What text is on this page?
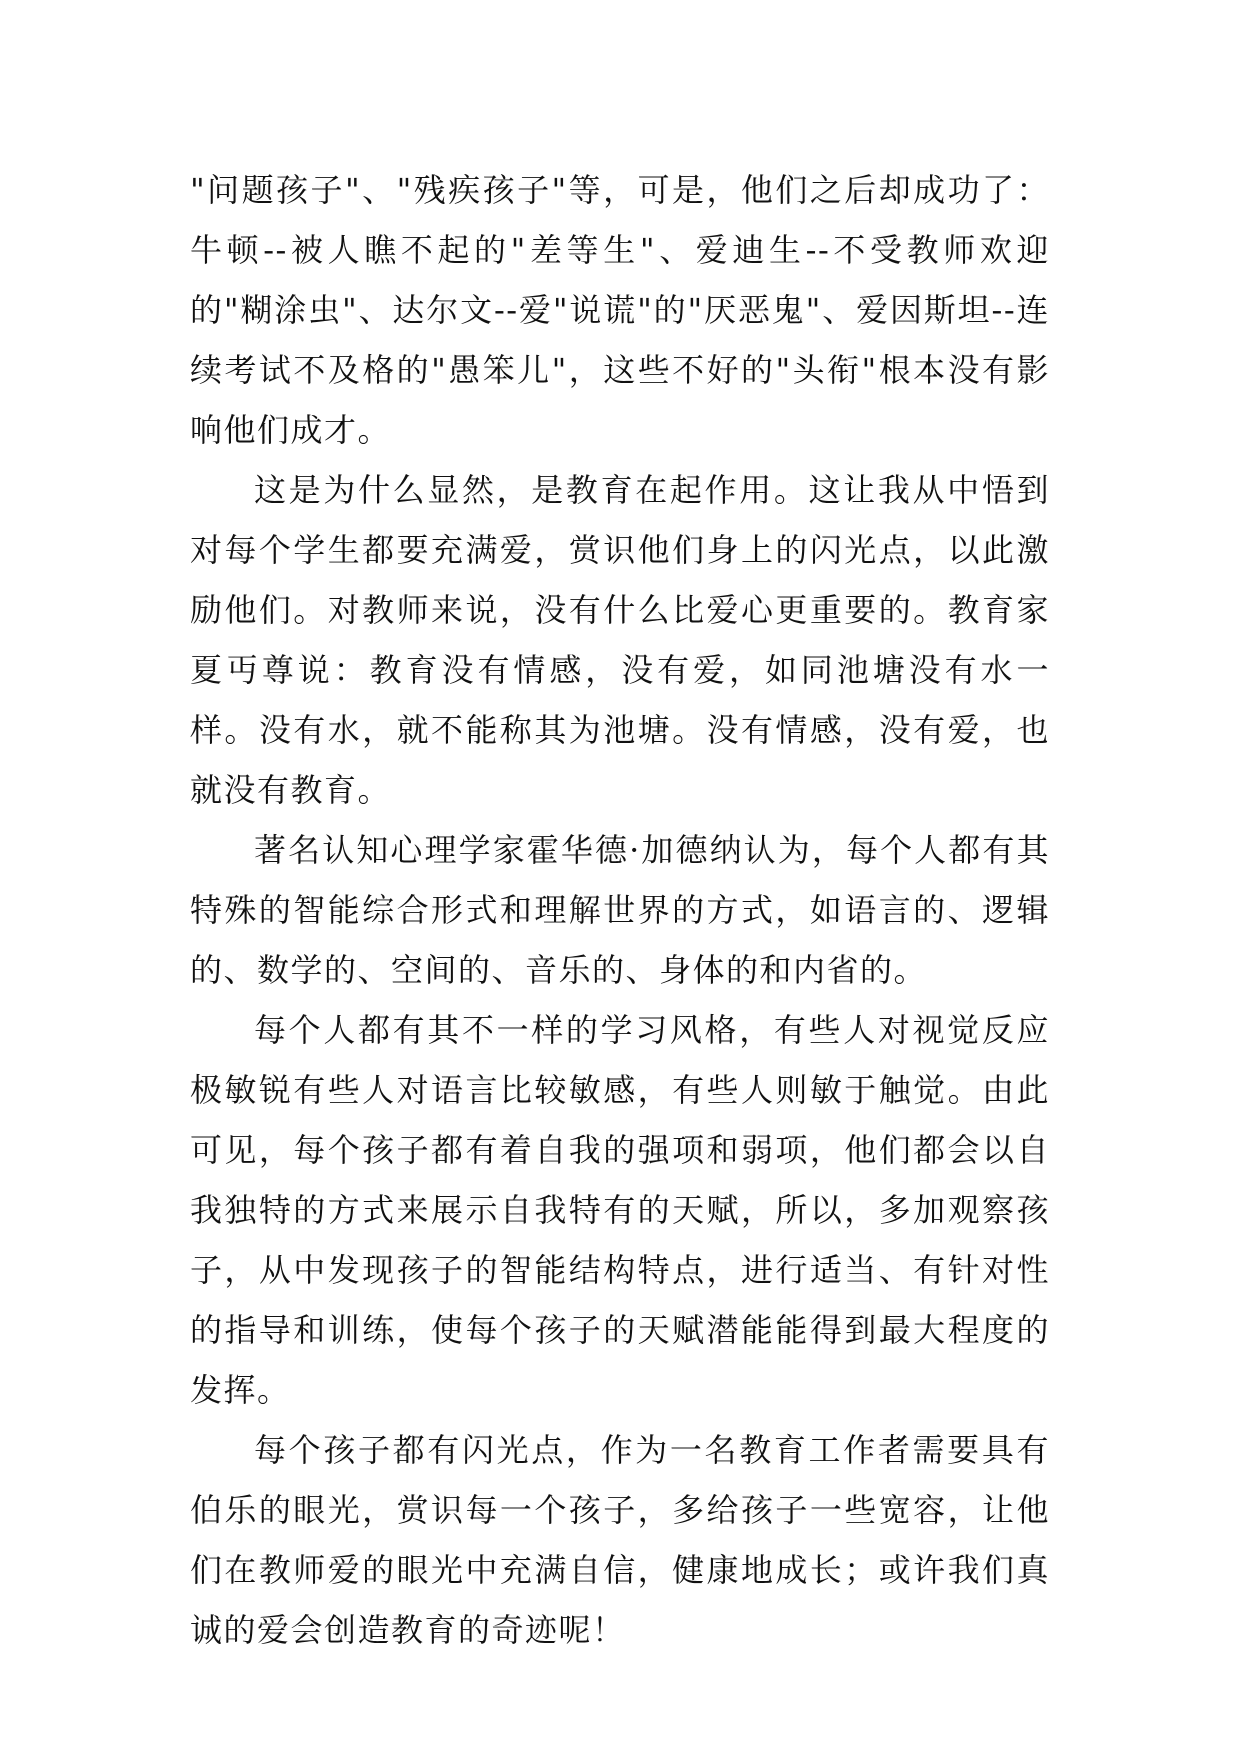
"问题孩子"、"残疾孩子"等，可是，他们之后却成功了：牛顿--被人瞧不起的"差等生"、爱迪生--不受教师欢迎的"糊涂虫"、达尔文--爱"说谎"的"厌恶鬼"、爱因斯坦--连续考试不及格的"愚笨儿"，这些不好的"头衔"根本没有影响他们成才。

这是为什么显然，是教育在起作用。这让我从中悟到对每个学生都要充满爱，赏识他们身上的闪光点，以此激励他们。对教师来说，没有什么比爱心更重要的。教育家夏丏尊说：教育没有情感，没有爱，如同池塘没有水一样。没有水，就不能称其为池塘。没有情感，没有爱，也就没有教育。

著名认知心理学家霍华德·加德纳认为，每个人都有其特殊的智能综合形式和理解世界的方式，如语言的、逻辑的、数学的、空间的、音乐的、身体的和内省的。

每个人都有其不一样的学习风格，有些人对视觉反应极敏锐有些人对语言比较敏感，有些人则敏于触觉。由此可见，每个孩子都有着自我的强项和弱项，他们都会以自我独特的方式来展示自我特有的天赋，所以，多加观察孩子，从中发现孩子的智能结构特点，进行适当、有针对性的指导和训练，使每个孩子的天赋潜能能得到最大程度的发挥。

每个孩子都有闪光点，作为一名教育工作者需要具有伯乐的眼光，赏识每一个孩子，多给孩子一些宽容，让他们在教师爱的眼光中充满自信，健康地成长；或许我们真诚的爱会创造教育的奇迹呢！
